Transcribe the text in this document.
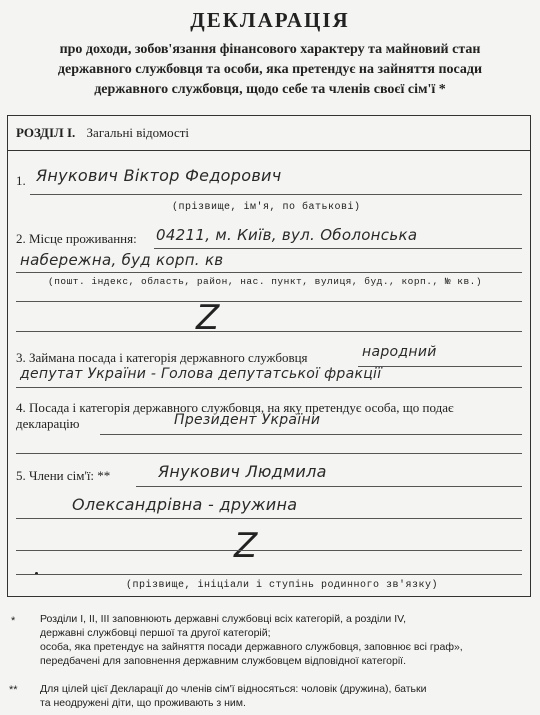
ДЕКЛАРАЦІЯ
про доходи, зобов'язання фінансового характеру та майновий стан державного службовця та особи, яка претендує на зайняття посади державного службовця, щодо себе та членів своєї сім'ї *
РОЗДІЛ І. Загальні відомості
1. Янукович Віктор Федорович
(прізвище, ім'я, по батькові)
2. Місце проживання: 04211, м. Київ, вул. Оболонська
набережна, буд корп. кв
(пошт. індекс, область, район, нас. пункт, вулиця, буд., корп., № кв.)
Z
3. Займана посада і категорія державного службовця	народний
депутат України - Голова депутатської фракції
4. Посада і категорія державного службовця, на яку претендує особа, що подає
декларацію	Президент України
5. Члени сім'ї: **	Янукович Людмила
Олександрівна - дружина
Z
(прізвище, ініціали і ступінь родинного зв'язку)
* Розділи І, ІІ, ІІІ заповнюють державні службовці всіх категорій, а розділи IV,
державні службовці першої та другої категорій;
особа, яка претендує на зайняття посади державного службовця, заповнює всі граф»,
передбачені для заповнення державним службовцем відповідної категорії.
** Для цілей цієї Декларації до членів сім'ї відносяться: чоловік (дружина), батьки
та неодружені діти, що проживають з ним.
